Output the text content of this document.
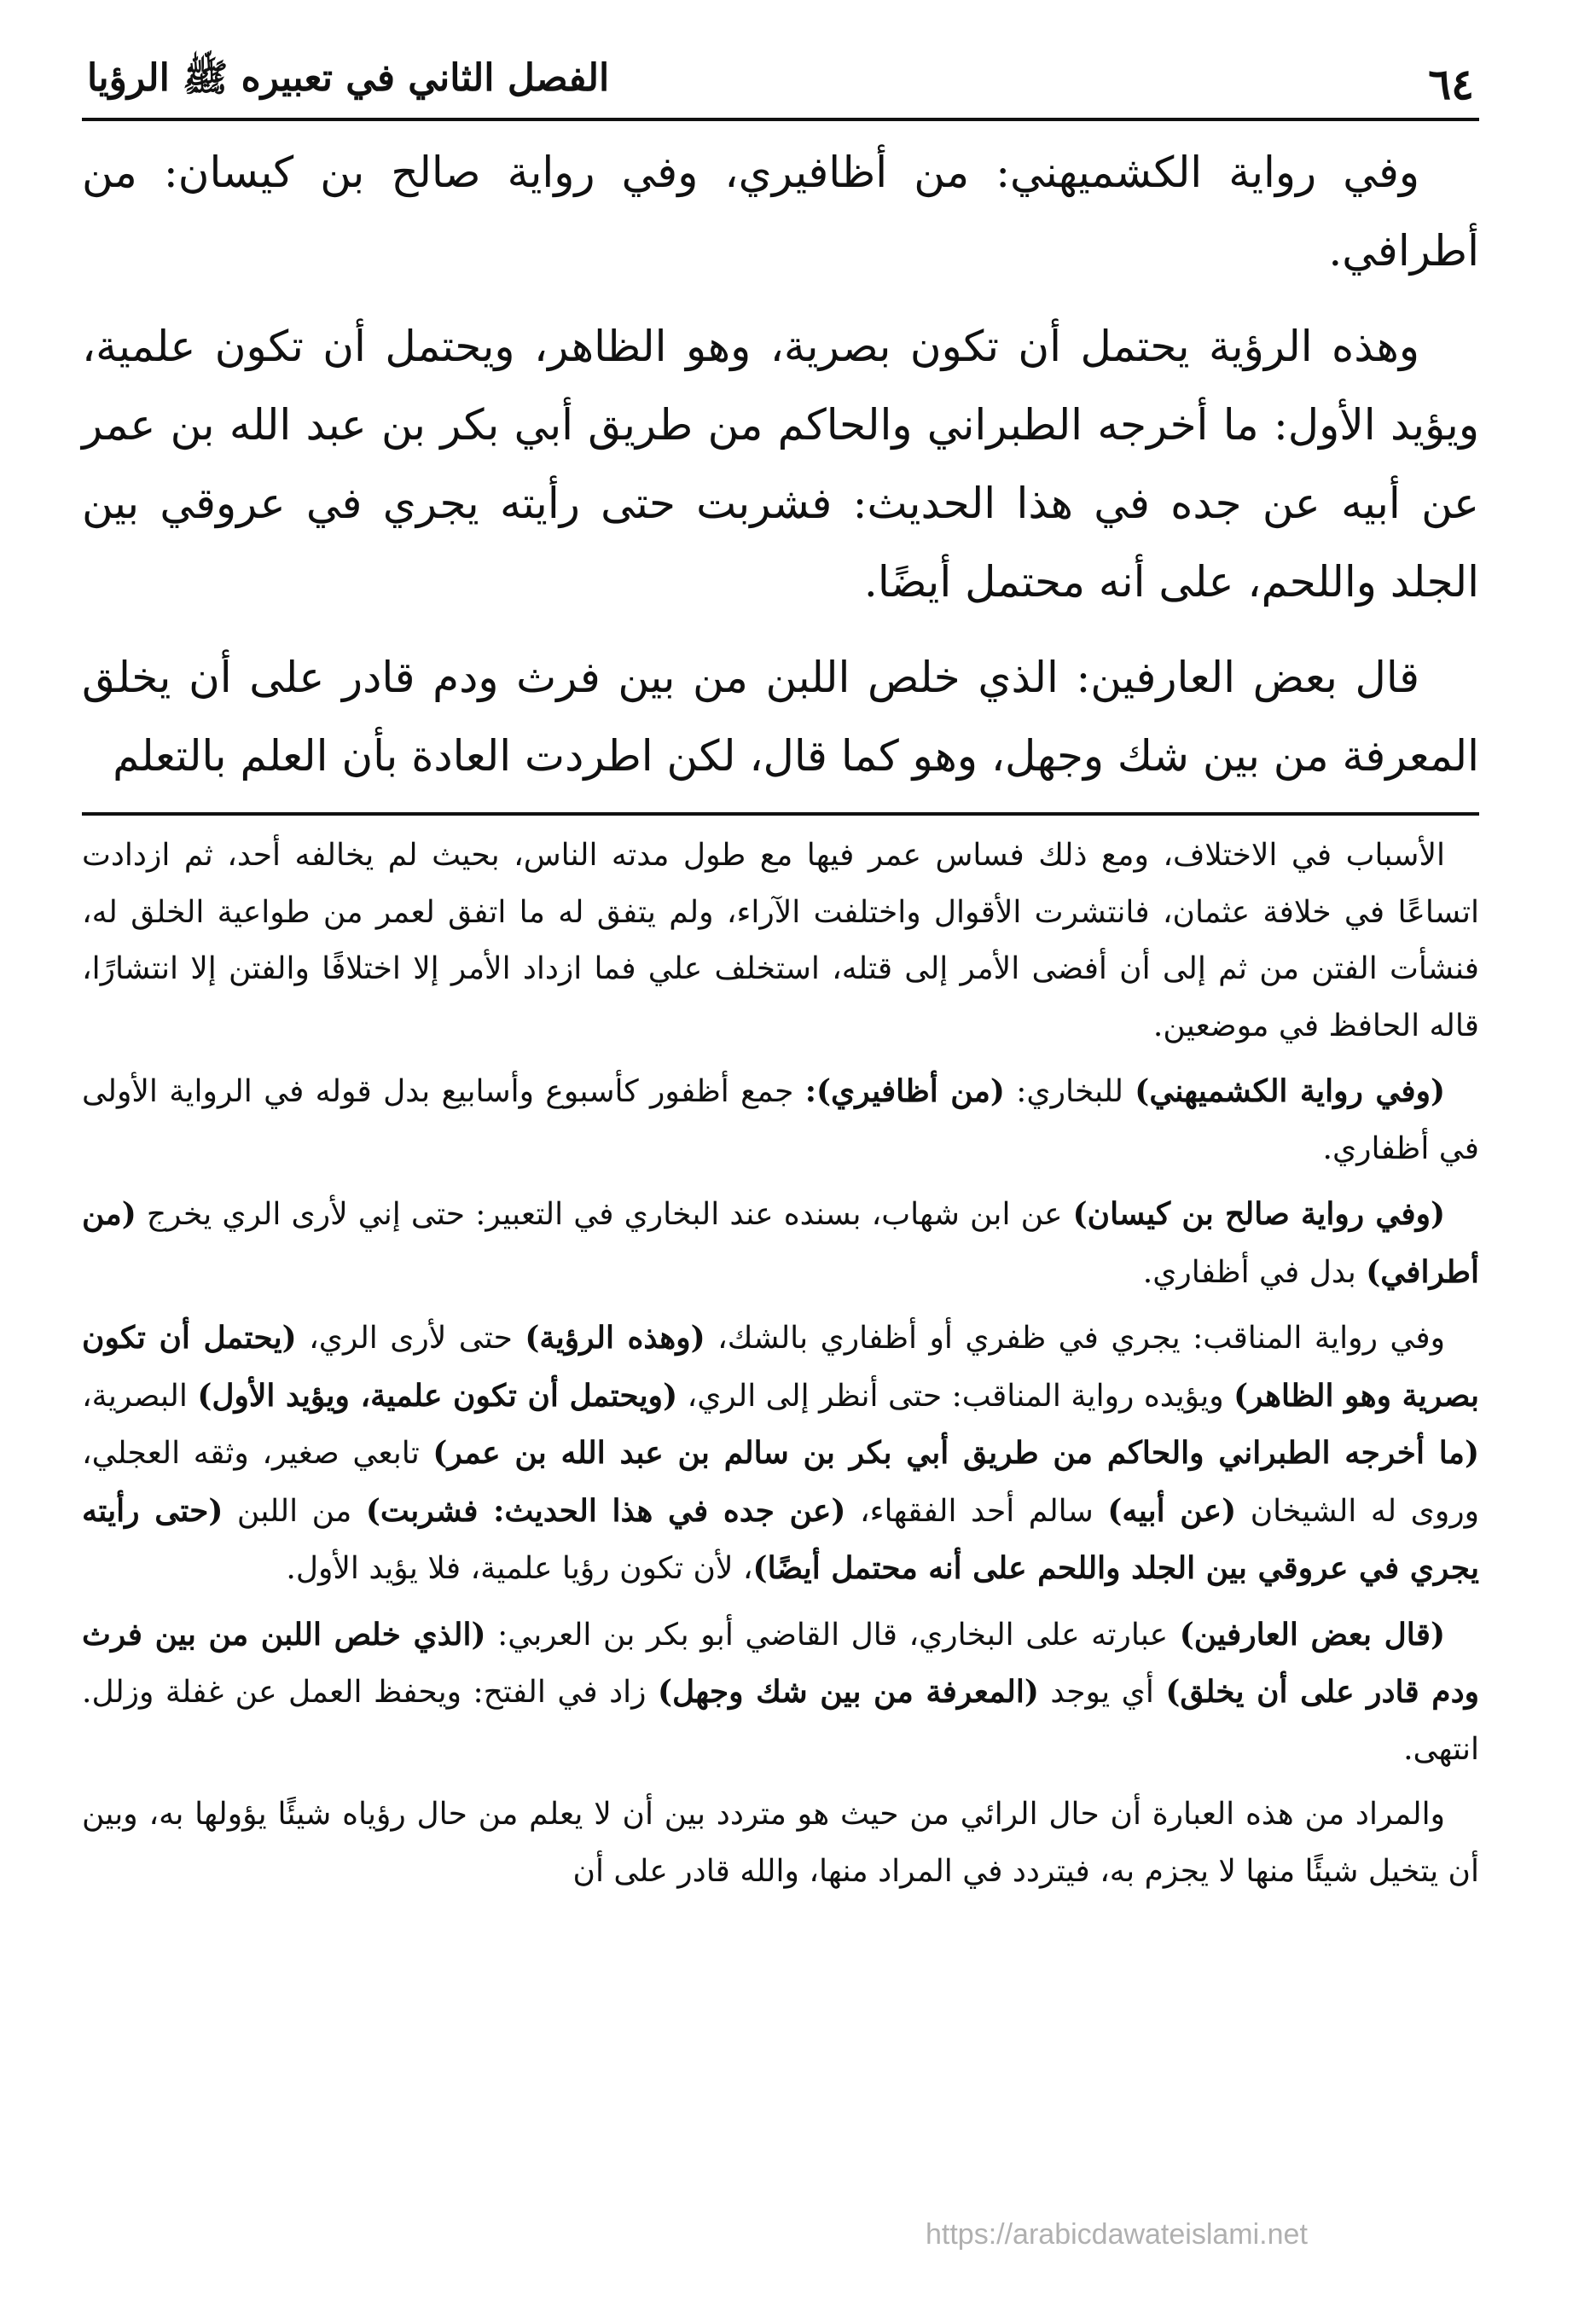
٦٤
الفصل الثاني في تعبيره ﷺ الرؤيا

وفي رواية الكشميهني: من أظافيري، وفي رواية صالح بن كيسان: من أطرافي.

وهذه الرؤية يحتمل أن تكون بصرية، وهو الظاهر، ويحتمل أن تكون علمية، ويؤيد الأول: ما أخرجه الطبراني والحاكم من طريق أبي بكر بن عبد الله بن عمر عن أبيه عن جده في هذا الحديث: فشربت حتى رأيته يجري في عروقي بين الجلد واللحم، على أنه محتمل أيضًا.

قال بعض العارفين: الذي خلص اللبن من بين فرث ودم قادر على أن يخلق المعرفة من بين شك وجهل، وهو كما قال، لكن اطردت العادة بأن العلم بالتعلم

الأسباب في الاختلاف، ومع ذلك فساس عمر فيها مع طول مدته الناس، بحيث لم يخالفه أحد، ثم ازدادت اتساعًا في خلافة عثمان، فانتشرت الأقوال واختلفت الآراء، ولم يتفق له ما اتفق لعمر من طواعية الخلق له، فنشأت الفتن من ثم إلى أن أفضى الأمر إلى قتله، استخلف علي فما ازداد الأمر إلا اختلافًا والفتن إلا انتشارًا، قاله الحافظ في موضعين.

(وفي رواية الكشميهني) للبخاري: (من أظافيري): جمع أظفور كأسبوع وأسابيع بدل قوله في الرواية الأولى في أظفاري.

(وفي رواية صالح بن كيسان) عن ابن شهاب، بسنده عند البخاري في التعبير: حتى إني لأرى الري يخرج (من أطرافي) بدل في أظفاري.

وفي رواية المناقب: يجري في ظفري أو أظفاري بالشك، (وهذه الرؤية) حتى لأرى الري، (يحتمل أن تكون بصرية وهو الظاهر) ويؤيده رواية المناقب: حتى أنظر إلى الري، (ويحتمل أن تكون علمية، ويؤيد الأول) البصرية، (ما أخرجه الطبراني والحاكم من طريق أبي بكر بن سالم بن عبد الله بن عمر) تابعي صغير، وثقه العجلي، وروى له الشيخان (عن أبيه) سالم أحد الفقهاء، (عن جده في هذا الحديث: فشربت) من اللبن (حتى رأيته يجري في عروقي بين الجلد واللحم على أنه محتمل أيضًا)، لأن تكون رؤيا علمية، فلا يؤيد الأول.

(قال بعض العارفين) عبارته على البخاري، قال القاضي أبو بكر بن العربي: (الذي خلص اللبن من بين فرث ودم قادر على أن يخلق) أي يوجد (المعرفة من بين شك وجهل) زاد في الفتح: ويحفظ العمل عن غفلة وزلل. انتهى.

والمراد من هذه العبارة أن حال الرائي من حيث هو متردد بين أن لا يعلم من حال رؤياه شيئًا يؤولها به، وبين أن يتخيل شيئًا منها لا يجزم به، فيتردد في المراد منها، والله قادر على أن

https://arabicdawateislami.net
